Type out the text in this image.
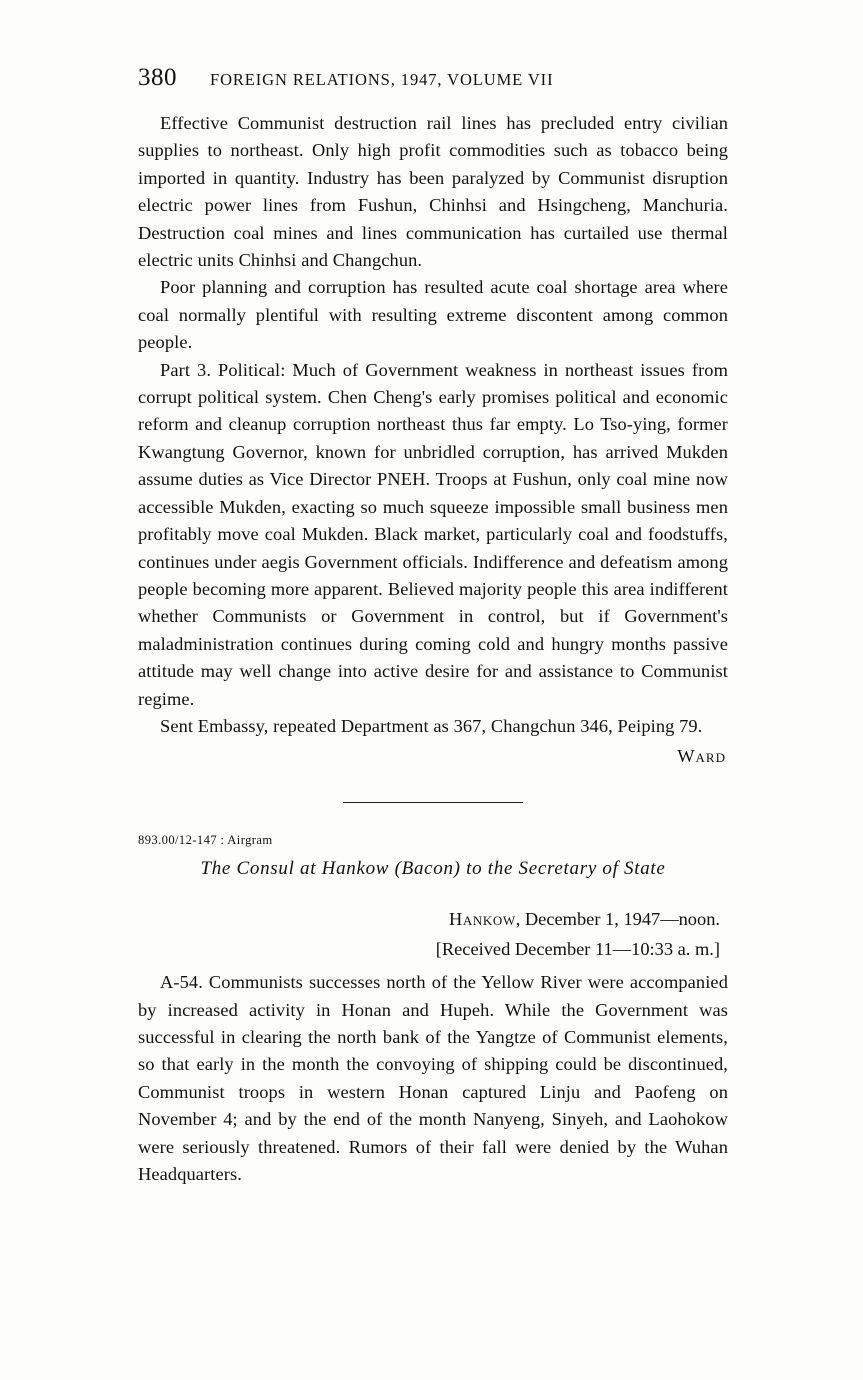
380 FOREIGN RELATIONS, 1947, VOLUME VII

Effective Communist destruction rail lines has precluded entry civilian supplies to northeast. Only high profit commodities such as tobacco being imported in quantity. Industry has been paralyzed by Communist disruption electric power lines from Fushun, Chinhsi and Hsingcheng, Manchuria. Destruction coal mines and lines communication has curtailed use thermal electric units Chinhsi and Changchun.

Poor planning and corruption has resulted acute coal shortage area where coal normally plentiful with resulting extreme discontent among common people.

Part 3. Political: Much of Government weakness in northeast issues from corrupt political system. Chen Cheng's early promises political and economic reform and cleanup corruption northeast thus far empty. Lo Tso-ying, former Kwangtung Governor, known for unbridled corruption, has arrived Mukden assume duties as Vice Director PNEH. Troops at Fushun, only coal mine now accessible Mukden, exacting so much squeeze impossible small business men profitably move coal Mukden. Black market, particularly coal and foodstuffs, continues under aegis Government officials. Indifference and defeatism among people becoming more apparent. Believed majority people this area indifferent whether Communists or Government in control, but if Government's maladministration continues during coming cold and hungry months passive attitude may well change into active desire for and assistance to Communist regime.

Sent Embassy, repeated Department as 367, Changchun 346, Peiping 79.

Ward
893.00/12-147 : Airgram
The Consul at Hankow (Bacon) to the Secretary of State
Hankow, December 1, 1947—noon.
[Received December 11—10:33 a. m.]

A-54. Communists successes north of the Yellow River were accompanied by increased activity in Honan and Hupeh. While the Government was successful in clearing the north bank of the Yangtze of Communist elements, so that early in the month the convoying of shipping could be discontinued, Communist troops in western Honan captured Linju and Paofeng on November 4; and by the end of the month Nanyeng, Sinyeh, and Laohokow were seriously threatened. Rumors of their fall were denied by the Wuhan Headquarters.
